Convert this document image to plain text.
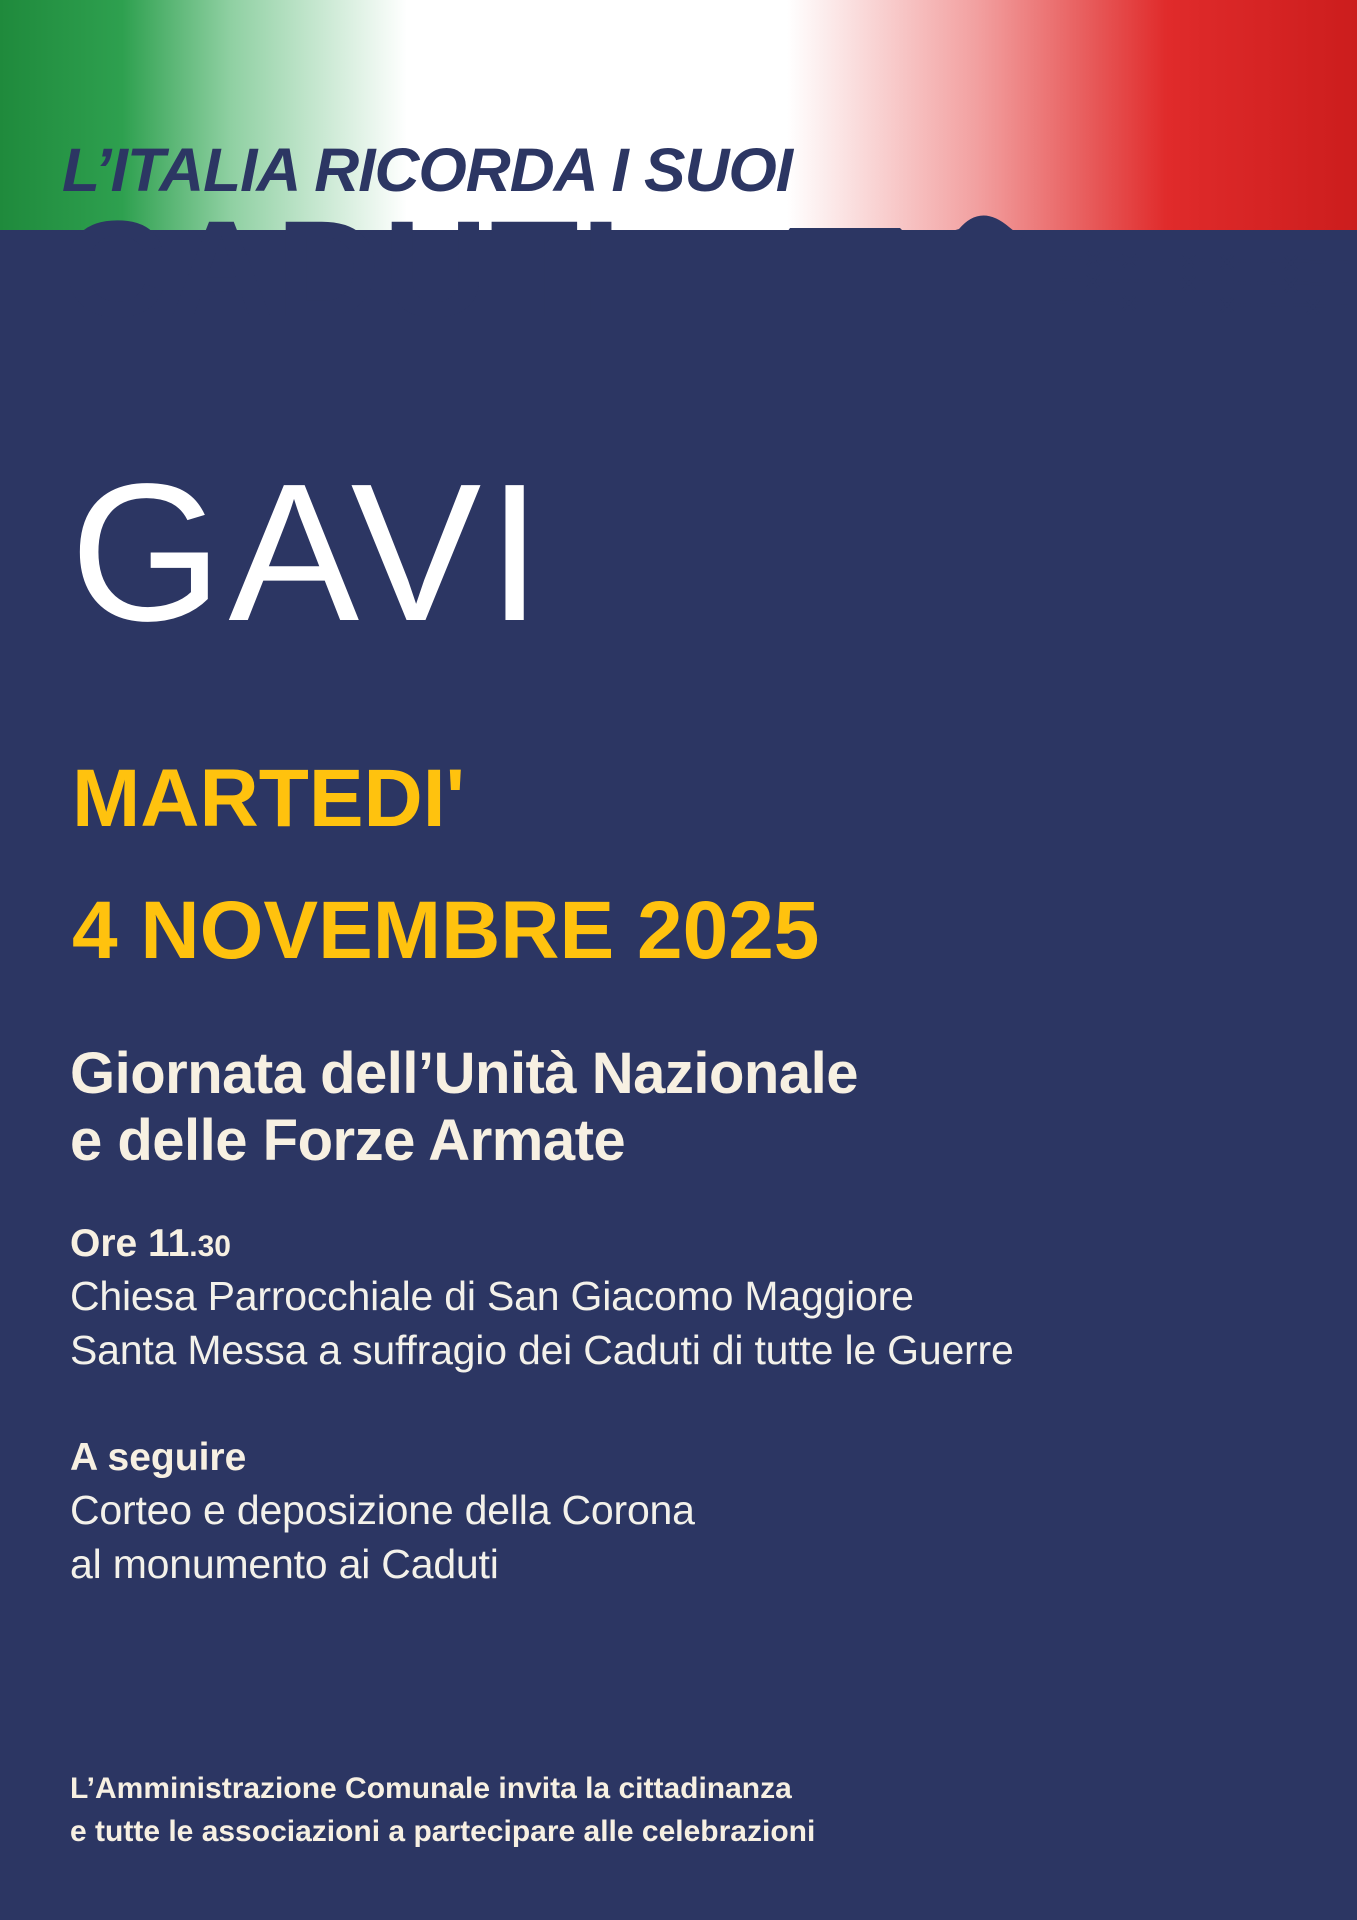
L’ITALIA RICORDA I SUOI
CADUTI
GAVI
MARTEDI'
4 NOVEMBRE 2025
Giornata dell’Unità Nazionale
e delle Forze Armate
Ore 11.30
Chiesa Parrocchiale di San Giacomo Maggiore
Santa Messa a suffragio dei Caduti di tutte le Guerre
A seguire
Corteo e deposizione della Corona
al monumento ai Caduti
L’Amministrazione Comunale invita la cittadinanza
e tutte le associazioni a partecipare alle celebrazioni
